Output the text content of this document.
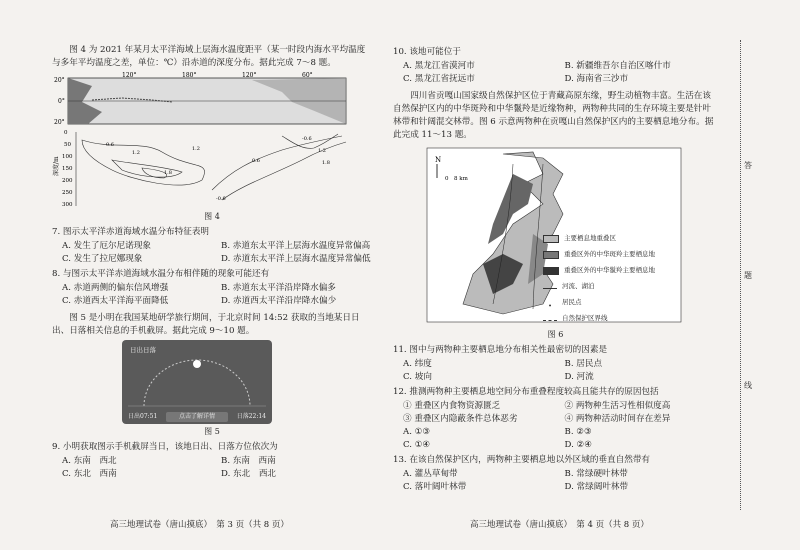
图 4 为 2021 年某月太平洋海域上层海水温度距平（某一时段内海水平均温度与多年平均温度之差，单位：℃）沿赤道的深度分布。据此完成 7～8 题。

20°
0°
20°
120°	180°	120°	60°
深度/m
0
50
100
150
200
250
300
0.6
1.2
-0.6
1.2
0.6
1.8
-0.6
1.8
1.2
图 4
7. 图示太平洋赤道海域水温分布特征表明
A. 发生了厄尔尼诺现象	B. 赤道东太平洋上层海水温度异常偏高
C. 发生了拉尼娜现象	D. 赤道东太平洋上层海水温度异常偏低
8. 与图示太平洋赤道海域水温分布相伴随的现象可能还有
A. 赤道两侧的偏东信风增强	B. 赤道东太平洋沿岸降水偏多
C. 赤道西太平洋海平面降低	D. 赤道西太平洋沿岸降水偏少

图 5 是小明在我国某地研学旅行期间，于北京时间 14:52 获取的当地某日日出、日落相关信息的手机截屏。据此完成 9～10 题。

日出日落
日出07:51	点击了解详情	日落22:14
图 5
9. 小明获取图示手机截屏当日，该地日出、日落方位依次为
A. 东南　西北	B. 东南　西南
C. 东北　西南	D. 东北　西北
高三地理试卷（唐山摸底）　第 3 页（共 8 页）
10. 该地可能位于
A. 黑龙江省漠河市	B. 新疆维吾尔自治区喀什市
C. 黑龙江省抚远市	D. 海南省三沙市

四川省贡嘎山国家级自然保护区位于青藏高原东缘，野生动植物丰富。生活在该自然保护区内的中华斑羚和中华鬣羚是近缘物种，两物种共同的生存环境主要是针叶林带和针阔混交林带。图 6 示意两物种在贡嘎山自然保护区内的主要栖息地分布。据此完成 11～13 题。

N
0　8 km
主要栖息地重叠区
重叠区外的中华斑羚主要栖息地
重叠区外的中华鬣羚主要栖息地
河流、湖泊
•	居民点
自然保护区界线
图 6
11. 图中与两物种主要栖息地分布相关性最密切的因素是
A. 纬度	B. 居民点
C. 坡向	D. 河流
12. 推测两物种主要栖息地空间分布重叠程度较高且能共存的原因包括
① 重叠区内食物资源匮乏	② 两物种生活习性相似度高
③ 重叠区内隐蔽条件总体恶劣	④ 两物种活动时间存在差异
A. ①③	B. ②③
C. ①④	D. ②④
13. 在该自然保护区内，两物种主要栖息地以外区域的垂直自然带有
A. 灌丛草甸带	B. 常绿硬叶林带
C. 落叶阔叶林带	D. 常绿阔叶林带
高三地理试卷（唐山摸底）　第 4 页（共 8 页）
答
题
线
